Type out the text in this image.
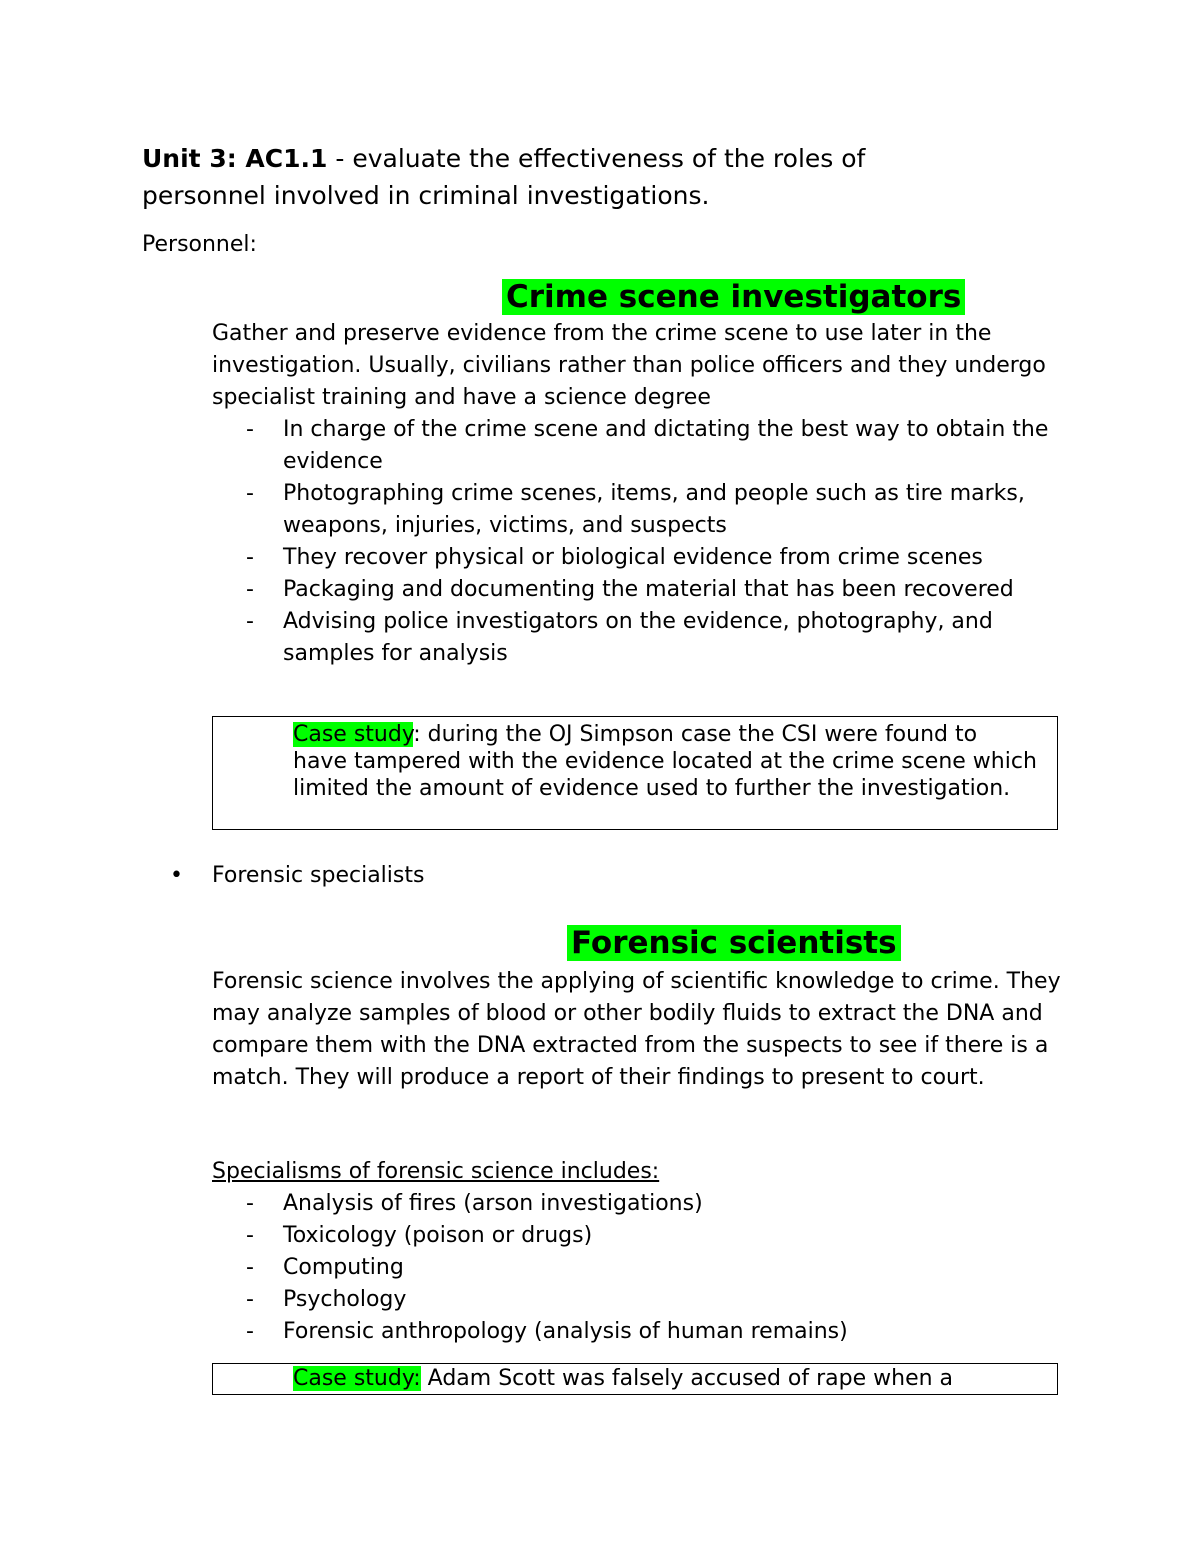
Unit 3: AC1.1 - evaluate the effectiveness of the roles of personnel involved in criminal investigations.
Personnel:
Crime scene investigators
Gather and preserve evidence from the crime scene to use later in the investigation. Usually, civilians rather than police officers and they undergo specialist training and have a science degree
- In charge of the crime scene and dictating the best way to obtain the evidence
- Photographing crime scenes, items, and people such as tire marks, weapons, injuries, victims, and suspects
- They recover physical or biological evidence from crime scenes
- Packaging and documenting the material that has been recovered
- Advising police investigators on the evidence, photography, and samples for analysis
Case study: during the OJ Simpson case the CSI were found to have tampered with the evidence located at the crime scene which limited the amount of evidence used to further the investigation.
• Forensic specialists
Forensic scientists
Forensic science involves the applying of scientific knowledge to crime. They may analyze samples of blood or other bodily fluids to extract the DNA and compare them with the DNA extracted from the suspects to see if there is a match. They will produce a report of their findings to present to court.
Specialisms of forensic science includes:
- Analysis of fires (arson investigations)
- Toxicology (poison or drugs)
- Computing
- Psychology
- Forensic anthropology (analysis of human remains)
Case study: Adam Scott was falsely accused of rape when a
